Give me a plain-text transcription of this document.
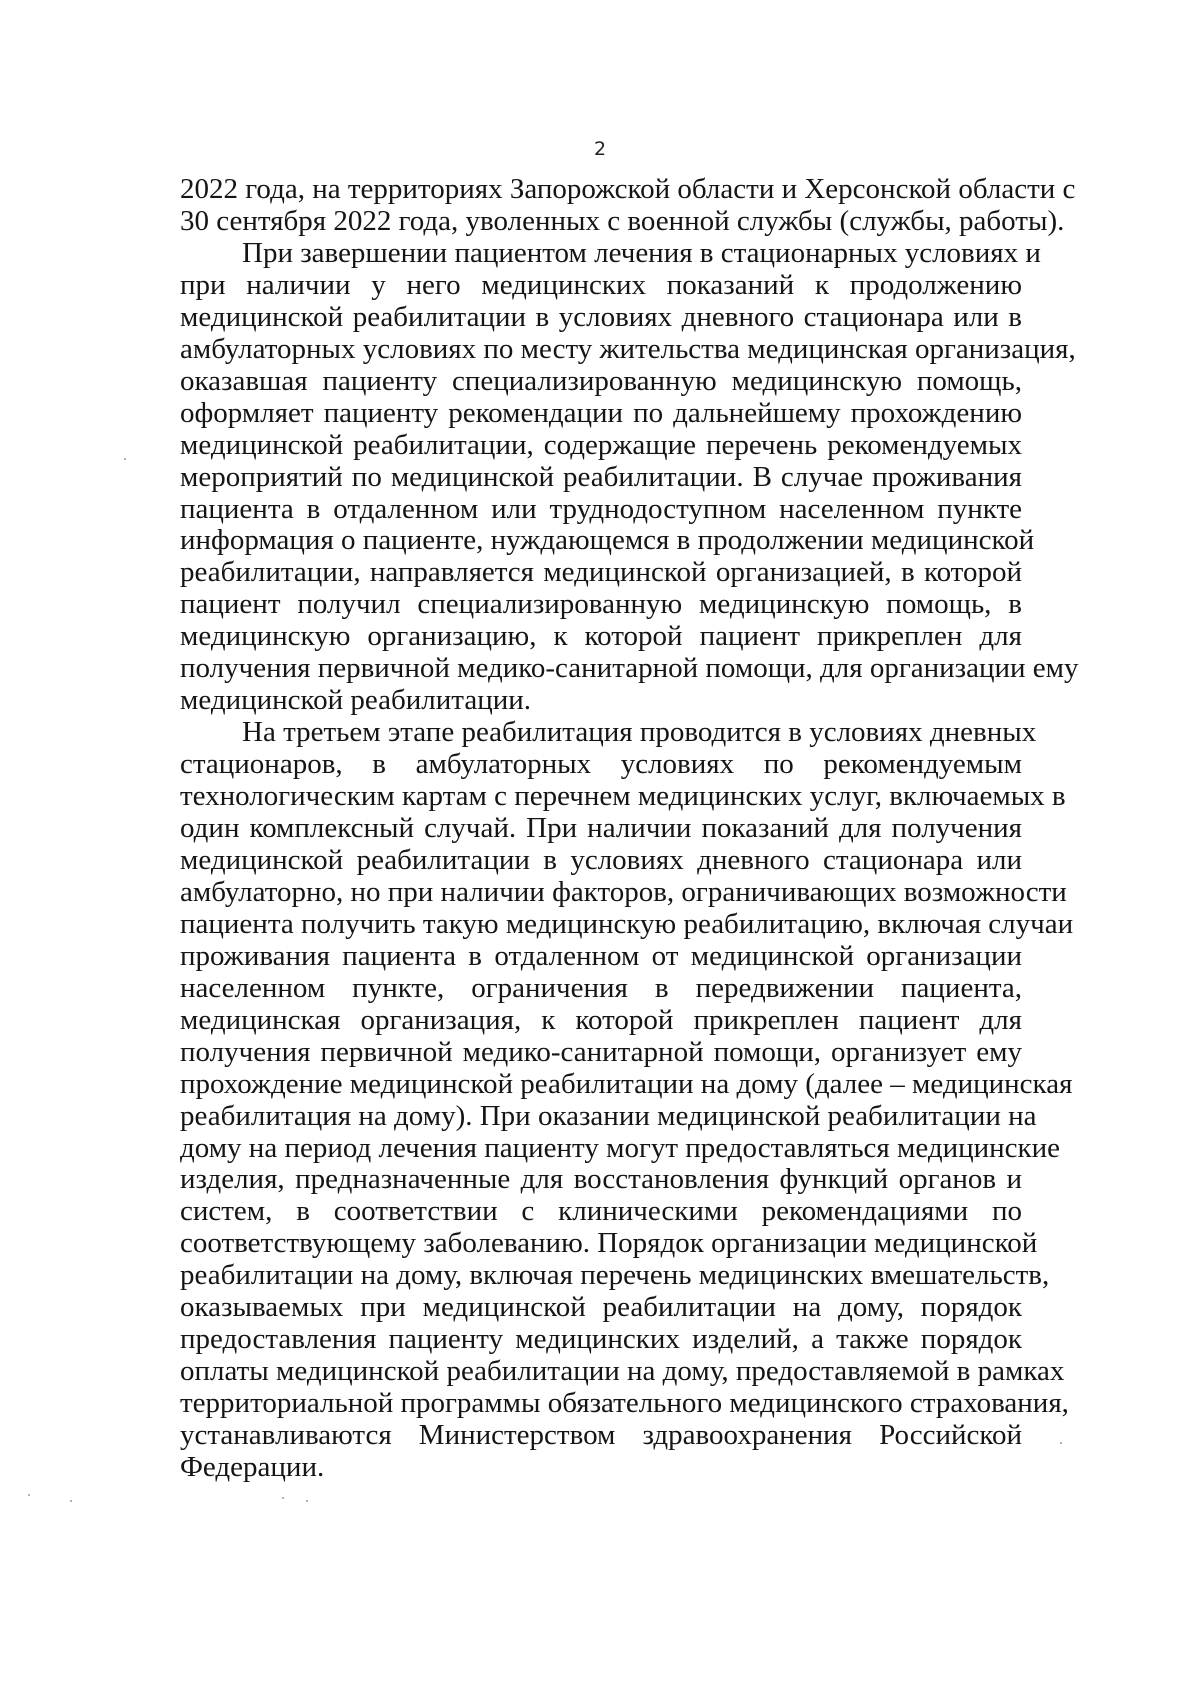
2
2022 года, на территориях Запорожской области и Херсонской области с
30 сентября 2022 года, уволенных с военной службы (службы, работы).
При завершении пациентом лечения в стационарных условиях и
при наличии у него медицинских показаний к продолжению
медицинской реабилитации в условиях дневного стационара или в
амбулаторных условиях по месту жительства медицинская организация,
оказавшая пациенту специализированную медицинскую помощь,
оформляет пациенту рекомендации по дальнейшему прохождению
медицинской реабилитации, содержащие перечень рекомендуемых
мероприятий по медицинской реабилитации. В случае проживания
пациента в отдаленном или труднодоступном населенном пункте
информация о пациенте, нуждающемся в продолжении медицинской
реабилитации, направляется медицинской организацией, в которой
пациент получил специализированную медицинскую помощь, в
медицинскую организацию, к которой пациент прикреплен для
получения первичной медико-санитарной помощи, для организации ему
медицинской реабилитации.
На третьем этапе реабилитация проводится в условиях дневных
стационаров, в амбулаторных условиях по рекомендуемым
технологическим картам с перечнем медицинских услуг, включаемых в
один комплексный случай. При наличии показаний для получения
медицинской реабилитации в условиях дневного стационара или
амбулаторно, но при наличии факторов, ограничивающих возможности
пациента получить такую медицинскую реабилитацию, включая случаи
проживания пациента в отдаленном от медицинской организации
населенном пункте, ограничения в передвижении пациента,
медицинская организация, к которой прикреплен пациент для
получения первичной медико-санитарной помощи, организует ему
прохождение медицинской реабилитации на дому (далее – медицинская
реабилитация на дому). При оказании медицинской реабилитации на
дому на период лечения пациенту могут предоставляться медицинские
изделия, предназначенные для восстановления функций органов и
систем, в соответствии с клиническими рекомендациями по
соответствующему заболеванию. Порядок организации медицинской
реабилитации на дому, включая перечень медицинских вмешательств,
оказываемых при медицинской реабилитации на дому, порядок
предоставления пациенту медицинских изделий, а также порядок
оплаты медицинской реабилитации на дому, предоставляемой в рамках
территориальной программы обязательного медицинского страхования,
устанавливаются Министерством здравоохранения Российской
Федерации.
